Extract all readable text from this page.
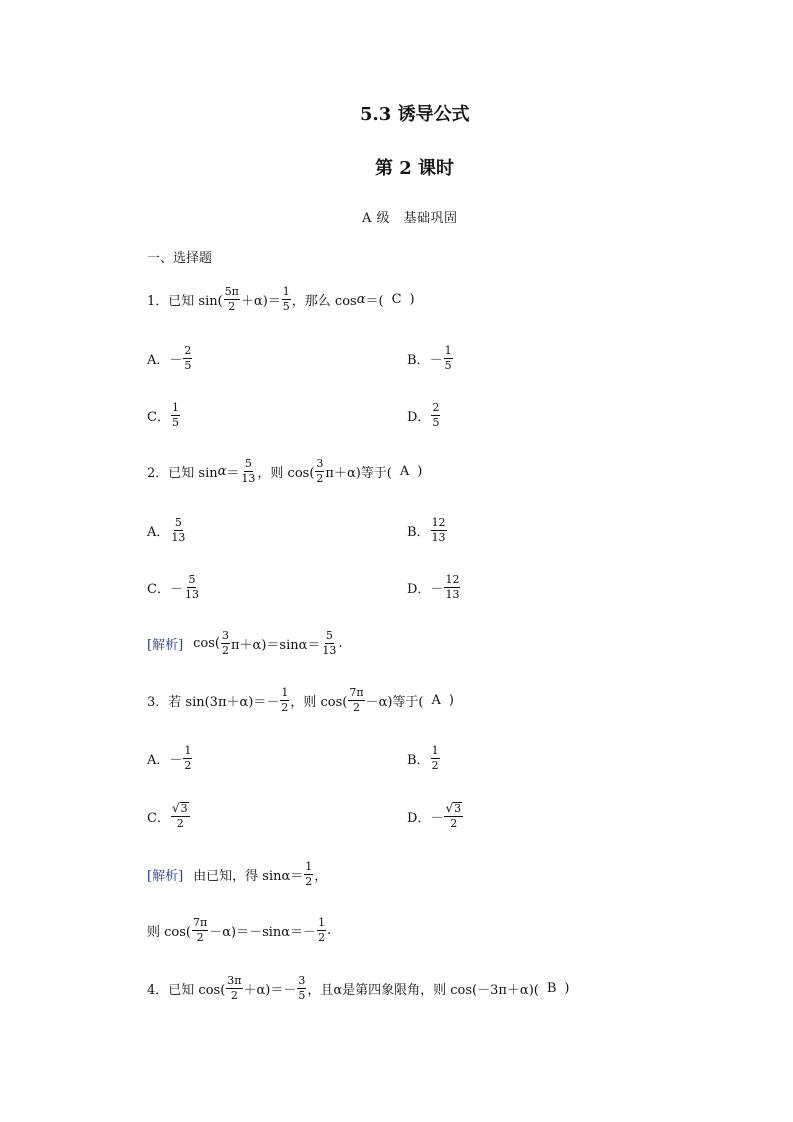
5.3 诱导公式
第 2 课时
A 级　基础巩固
一、选择题
1． 已知 $\sin( \frac{5\pi}{2} +\alpha)= \frac{1}{5}$ ，那么 cos α ＝( C )
A． － $\frac{2}{5}$	B． － $\frac{1}{5}$
C． $\frac{1}{5}$	D． $\frac{2}{5}$
2． 已知 $\sin \alpha = \frac{5}{13}$ ，则 $\cos( \frac{3}{2} \pi+\alpha)$等于( A )
A． $\frac{5}{13}$	B． $\frac{12}{13}$
C． － $\frac{5}{13}$	D． － $\frac{12}{13}$
[解析] $\cos( \frac{3}{2} \pi+\alpha)=\sin\alpha= \frac{5}{13}$ .
3． 若 $\sin(3\pi+\alpha)=- \frac{1}{2}$ ，则 $\cos( \frac{7\pi}{2} -\alpha)$等于( A )
A． － $\frac{1}{2}$	B． $\frac{1}{2}$
C． $\frac{√ 3}{2}$	D． － $\frac{√ 3}{2}$
[解析] 由已知，得 $\sin\alpha= \frac{1}{2}$ ，
则 $\cos( \frac{7\pi}{2} -\alpha)=-\sin\alpha=- \frac{1}{2}$ .
4． 已知 $\cos( \frac{3\pi}{2} +\alpha)=- \frac{3}{5}$ ，且α是第四象限角，则 cos(－3π＋α)( B )
